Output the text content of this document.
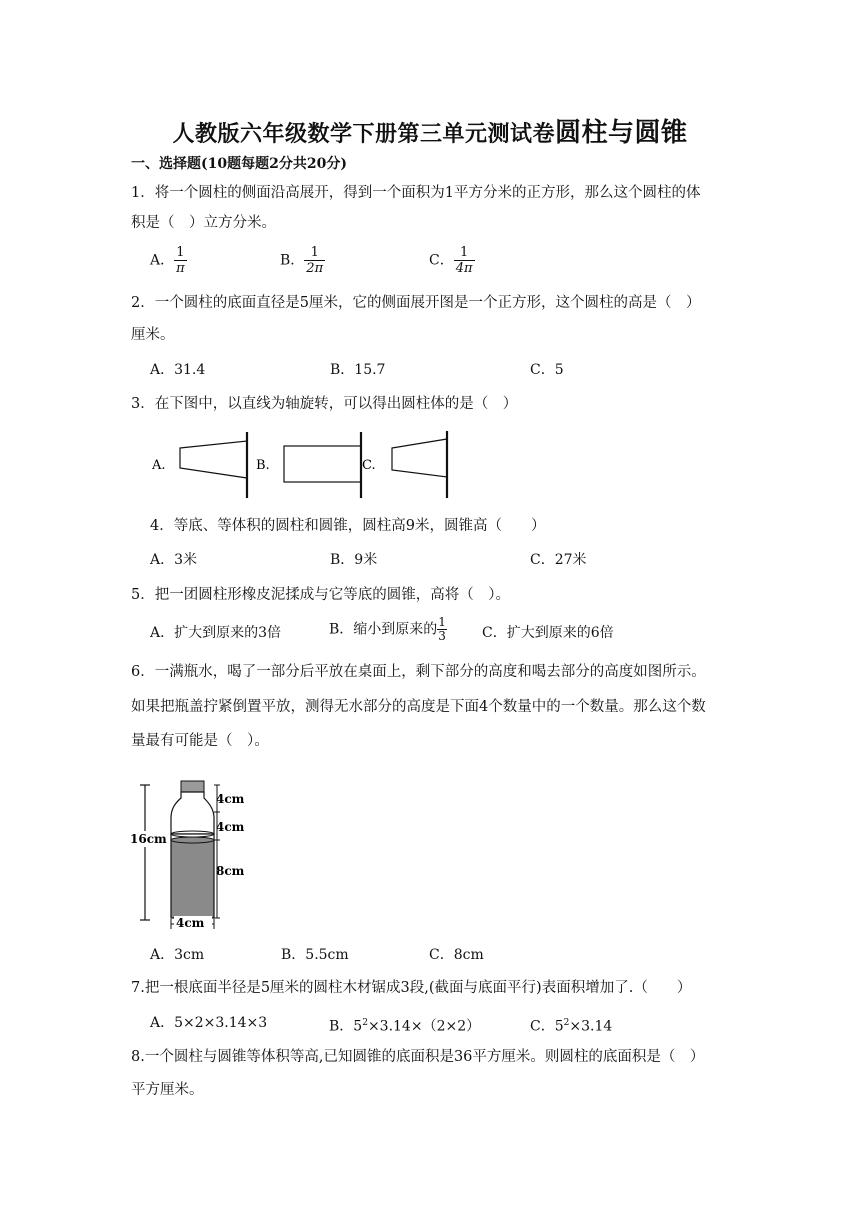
人教版六年级数学下册第三单元测试卷圆柱与圆锥
一、选择题(10题每题2分共20分)
1．将一个圆柱的侧面沿高展开，得到一个面积为1平方分米的正方形，那么这个圆柱的体
积是（　）立方分米。
A． $\frac{1}{\pi}$	B． $\frac{1}{2\pi}$	C． $\frac{1}{4\pi}$
2．一个圆柱的底面直径是5厘米，它的侧面展开图是一个正方形，这个圆柱的高是（　）
厘米。
A．31.4	B．15.7	C．5
3．在下图中，以直线为轴旋转，可以得出圆柱体的是（　）
A.	B.	C.
4．等底、等体积的圆柱和圆锥，圆柱高9米，圆锥高（　　）
A．3米	B．9米	C．27米
5．把一团圆柱形橡皮泥揉成与它等底的圆锥，高将（　）。
A．扩大到原来的3倍	B．缩小到原来的 $\frac{1}{3}$	C．扩大到原来的6倍
6．一满瓶水，喝了一部分后平放在桌面上，剩下部分的高度和喝去部分的高度如图所示。
如果把瓶盖拧紧倒置平放，测得无水部分的高度是下面4个数量中的一个数量。那么这个数
量最有可能是（　）。
16cm
4cm
4cm
8cm
4cm
A．3cm	B．5.5cm	C．8cm
7.把一根底面半径是5厘米的圆柱木材锯成3段,(截面与底面平行)表面积增加了.（　　）
A．5×2×3.14×3	B．$5^2\times 3.14\times(2\times 2)$	C．$5^2\times 3.14$
8.一个圆柱与圆锥等体积等高,已知圆锥的底面积是36平方厘米。则圆柱的底面积是（　）
平方厘米。
